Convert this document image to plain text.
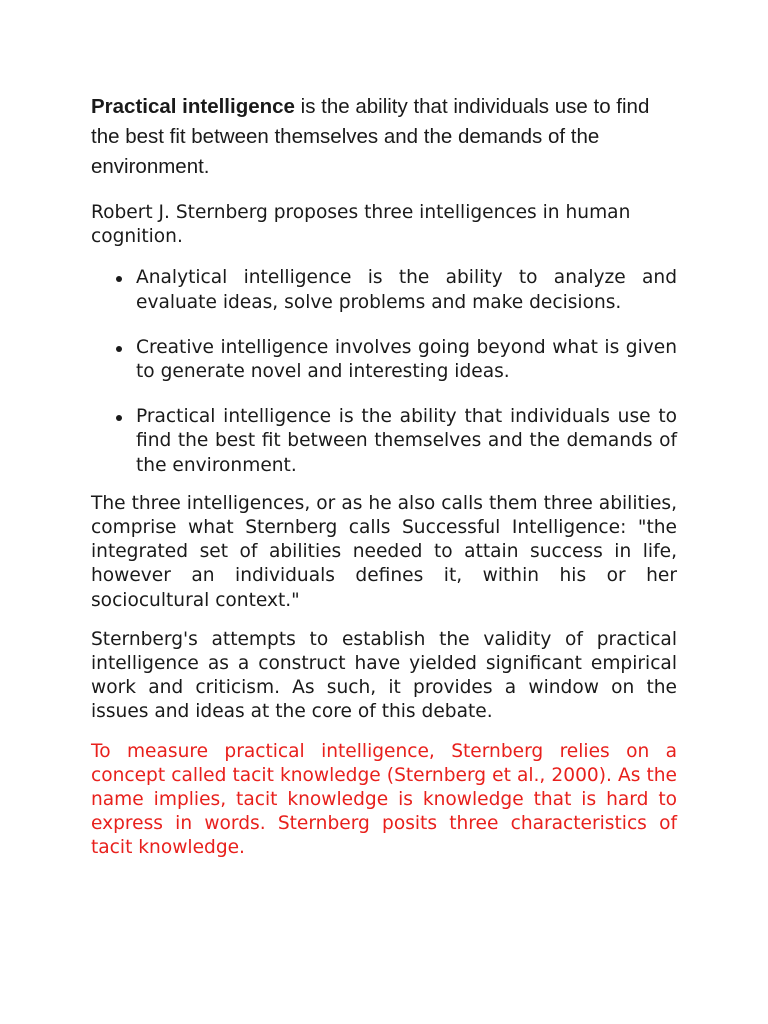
Practical intelligence is the ability that individuals use to find the best fit between themselves and the demands of the environment.

Robert J. Sternberg proposes three intelligences in human cognition.

Analytical intelligence is the ability to analyze and evaluate ideas, solve problems and make decisions.
Creative intelligence involves going beyond what is given to generate novel and interesting ideas.
Practical intelligence is the ability that individuals use to find the best fit between themselves and the demands of the environment.

The three intelligences, or as he also calls them three abilities, comprise what Sternberg calls Successful Intelligence: "the integrated set of abilities needed to attain success in life, however an individuals defines it, within his or her sociocultural context."

Sternberg's attempts to establish the validity of practical intelligence as a construct have yielded significant empirical work and criticism. As such, it provides a window on the issues and ideas at the core of this debate.

To measure practical intelligence, Sternberg relies on a concept called tacit knowledge (Sternberg et al., 2000). As the name implies, tacit knowledge is knowledge that is hard to express in words. Sternberg posits three characteristics of tacit knowledge.
